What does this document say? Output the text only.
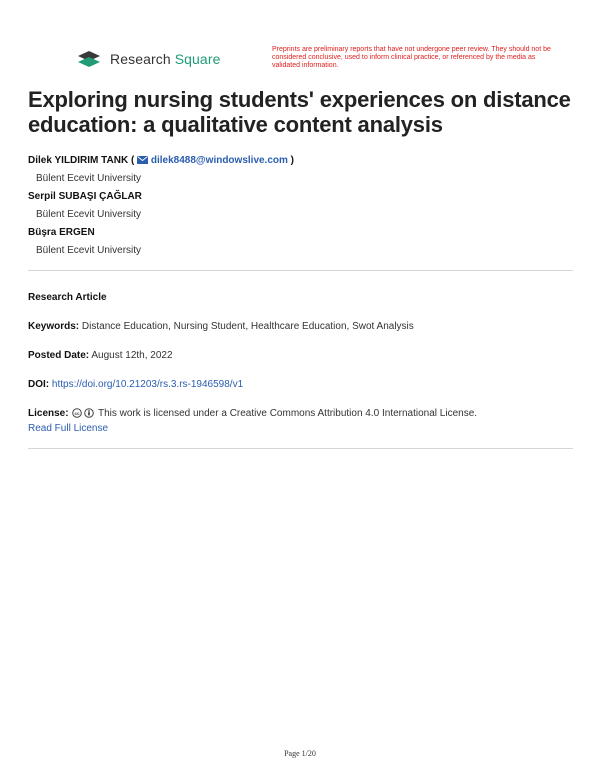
Research Square
Preprints are preliminary reports that have not undergone peer review. They should not be considered conclusive, used to inform clinical practice, or referenced by the media as validated information.
Exploring nursing students' experiences on distance education: a qualitative content analysis
Dilek YILDIRIM TANK (  dilek8488@windowslive.com )
Bülent Ecevit University
Serpil SUBAŞI ÇAĞLAR
Bülent Ecevit University
Büşra ERGEN
Bülent Ecevit University
Research Article
Keywords: Distance Education, Nursing Student, Healthcare Education, Swot Analysis
Posted Date: August 12th, 2022
DOI: https://doi.org/10.21203/rs.3.rs-1946598/v1
License: cc This work is licensed under a Creative Commons Attribution 4.0 International License.
Read Full License
Page 1/20
